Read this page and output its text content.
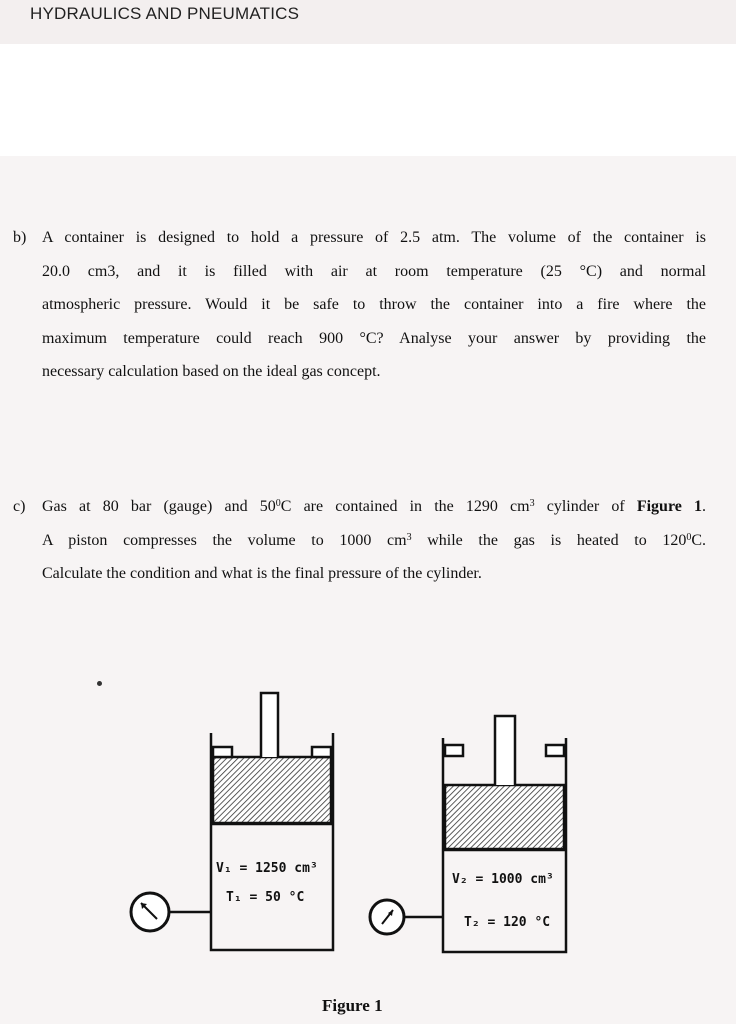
HYDRAULICS AND PNEUMATICS
b) A container is designed to hold a pressure of 2.5 atm. The volume of the container is
20.0 cm3, and it is filled with air at room temperature (25 °C) and normal
atmospheric pressure. Would it be safe to throw the container into a fire where the
maximum temperature could reach 900 °C? Analyse your answer by providing the
necessary calculation based on the ideal gas concept.
c) Gas at 80 bar (gauge) and $50^0C$ are contained in the 1290 $cm^3$ cylinder of Figure 1.
A piston compresses the volume to 1000 $cm^3$ while the gas is heated to $120^0C$.
Calculate the condition and what is the final pressure of the cylinder.
V₁ = 1250 cm³
T₁ = 50 °C
V₂ = 1000 cm³
T₂ = 120 °C
Figure 1
